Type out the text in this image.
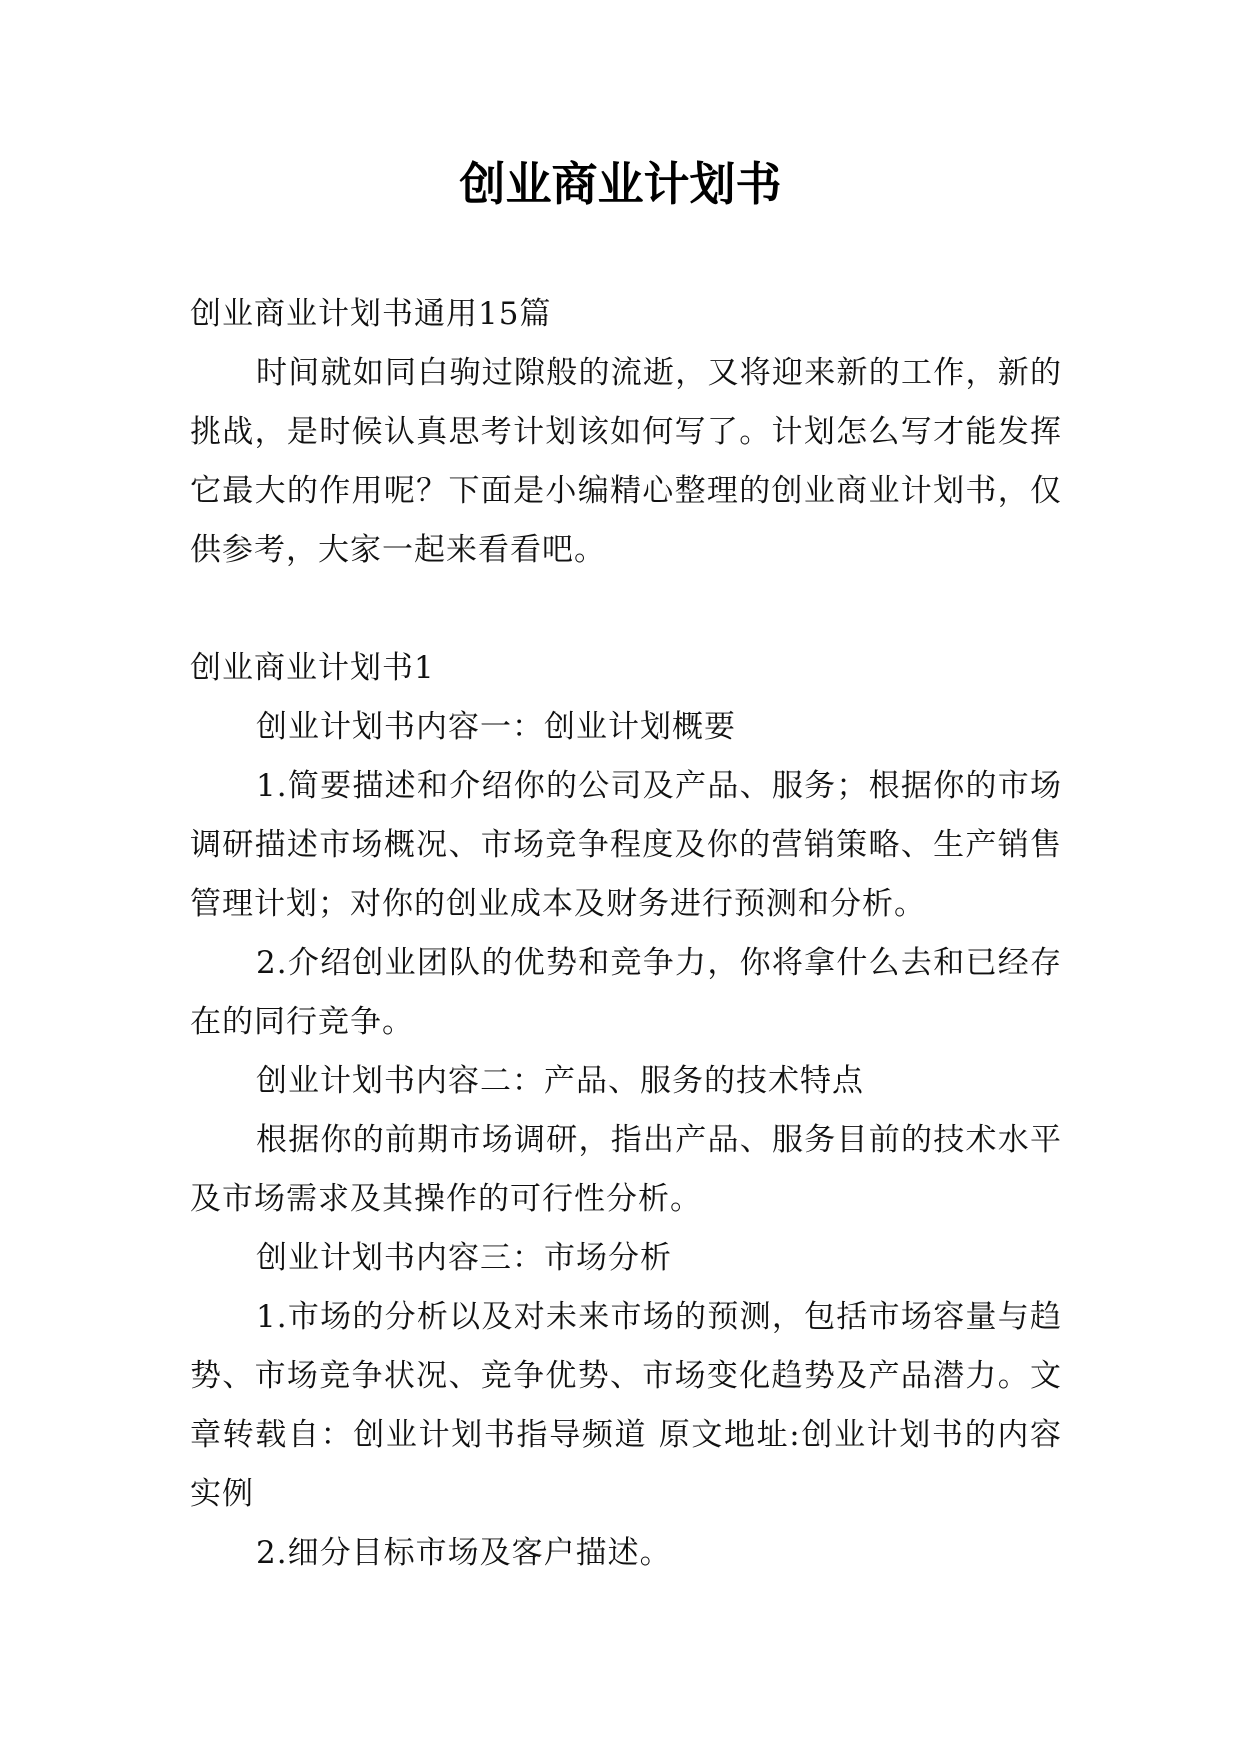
创业商业计划书

创业商业计划书通用15篇

时间就如同白驹过隙般的流逝，又将迎来新的工作，新的挑战，是时候认真思考计划该如何写了。计划怎么写才能发挥它最大的作用呢？下面是小编精心整理的创业商业计划书，仅供参考，大家一起来看看吧。

创业商业计划书1

创业计划书内容一：创业计划概要

1.简要描述和介绍你的公司及产品、服务；根据你的市场调研描述市场概况、市场竞争程度及你的营销策略、生产销售管理计划；对你的创业成本及财务进行预测和分析。

2.介绍创业团队的优势和竞争力，你将拿什么去和已经存在的同行竞争。

创业计划书内容二：产品、服务的技术特点

根据你的前期市场调研，指出产品、服务目前的技术水平及市场需求及其操作的可行性分析。

创业计划书内容三：市场分析

1.市场的分析以及对未来市场的预测，包括市场容量与趋势、市场竞争状况、竞争优势、市场变化趋势及产品潜力。文章转载自：创业计划书指导频道 原文地址:创业计划书的内容实例

2.细分目标市场及客户描述。
